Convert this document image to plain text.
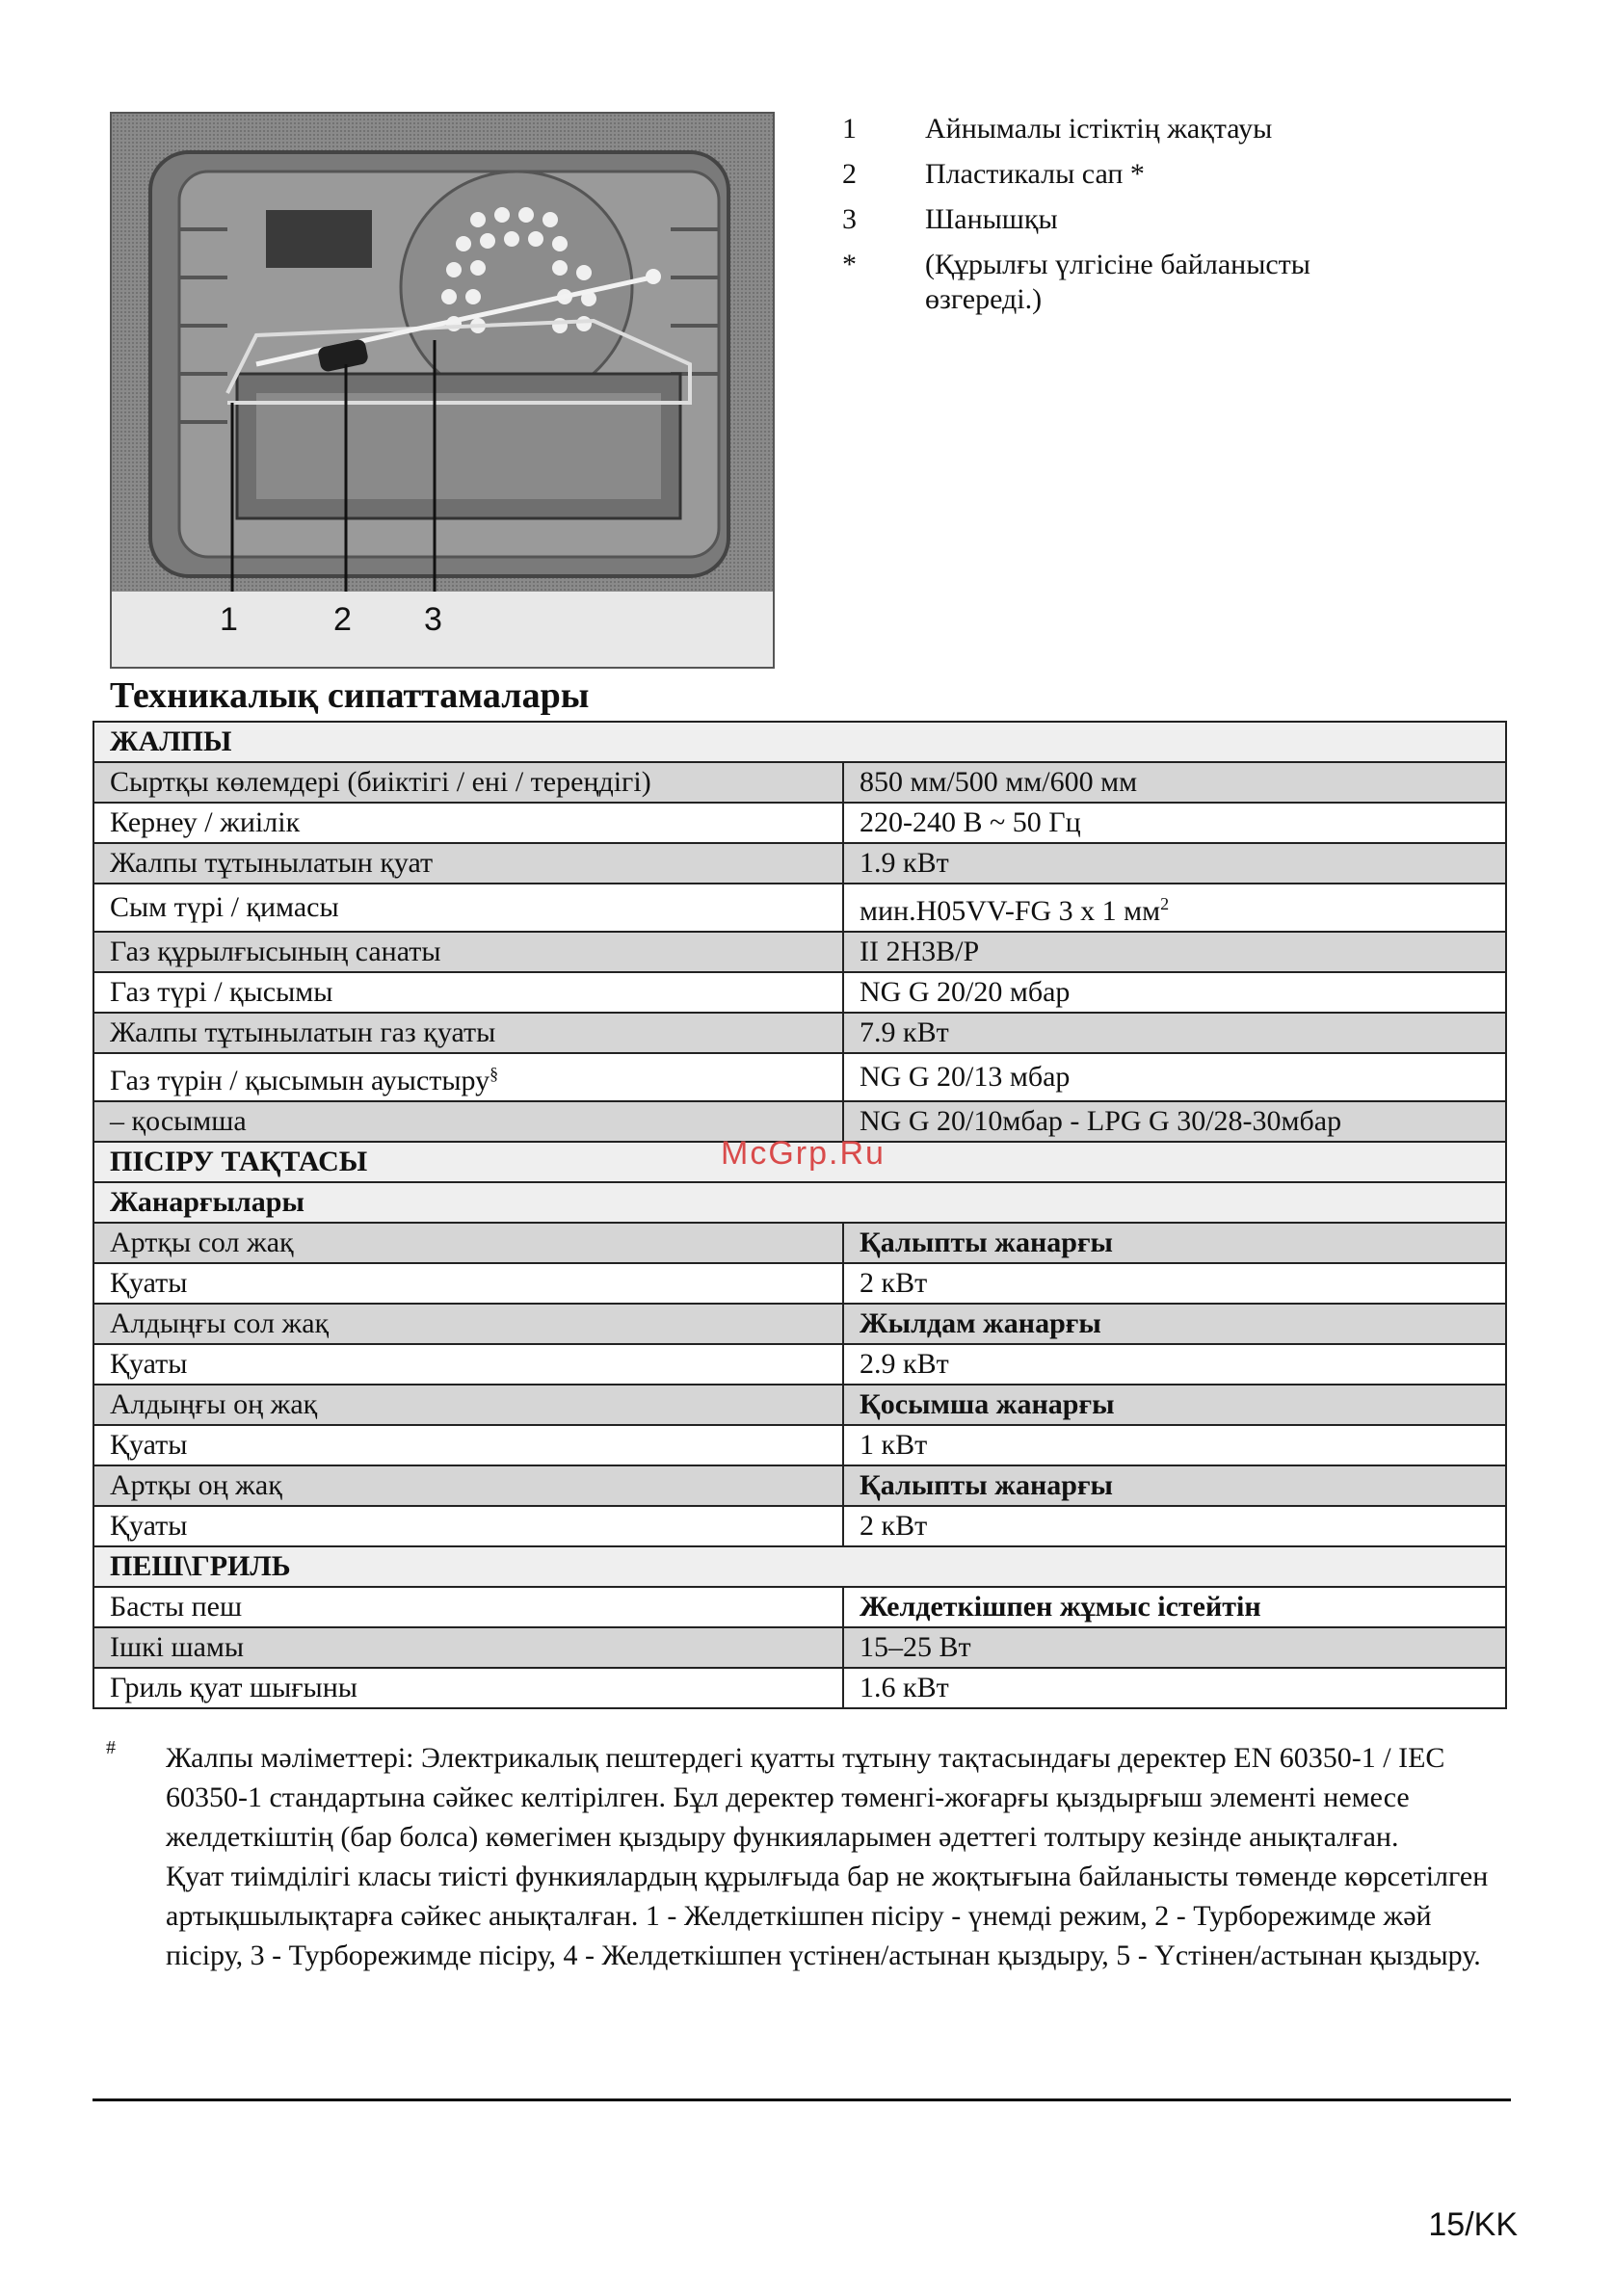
1	2 3
1	Айнымалы істіктің жақтауы
2	Пластикалы сап *
3	Шанышқы
*	(Құрылғы үлгісіне байланысты өзгереді.)
Техникалық сипаттамалары
ЖАЛПЫ	
Сыртқы көлемдері (биіктігі / ені / тереңдігі)	850 мм/500 мм/600 мм
Кернеу / жиілік	220-240 В ~ 50 Гц
Жалпы тұтынылатын қуат	1.9 кВт
Сым түрі / қимасы	мин.H05VV-FG 3 x 1 $мм^2$
Газ құрылғысының санаты	II 2H3B/P
Газ түрі / қысымы	NG G 20/20 мбар
Жалпы тұтынылатын газ қуаты	7.9 кВт
Газ түрін / қысымын ауыстыру§	NG G 20/13 мбар
– қосымша	NG G 20/10мбар - LPG G 30/28-30мбар
ПІСІРУ ТАҚТАСЫ	
Жанарғылары	
Артқы сол жақ	Қалыпты жанарғы
Қуаты	2 кВт
Алдыңғы сол жақ	Жылдам жанарғы
Қуаты	2.9 кВт
Алдыңғы оң жақ	Қосымша жанарғы
Қуаты	1 кВт
Артқы оң жақ	Қалыпты жанарғы
Қуаты	2 кВт
ПЕШ\ГРИЛЬ	
Басты пеш	Желдеткішпен жұмыс істейтін
Ішкі шамы	15–25 Вт
Гриль қуат шығыны	1.6 кВт
McGrp.Ru
# Жалпы мәліметтері: Электрикалық пештердегі қуатты тұтыну тақтасындағы деректер EN 60350-1 / IEC 60350-1 стандартына сәйкес келтірілген. Бұл деректер төменгі-жоғарғы қыздырғыш элементі немесе желдеткіштің (бар болса) көмегімен қыздыру функияларымен әдеттегі толтыру кезінде анықталған.

Қуат тиімділігі класы тиісті функиялардың құрылғыда бар не жоқтығына байланысты төменде көрсетілген артықшылықтарға сәйкес анықталған. 1 - Желдеткішпен пісіру - үнемді режим, 2 - Турборежимде жәй пісіру, 3 - Турборежимде пісіру, 4 - Желдеткішпен үстінен/астынан қыздыру, 5 - Үстінен/астынан қыздыру.

15/KK
